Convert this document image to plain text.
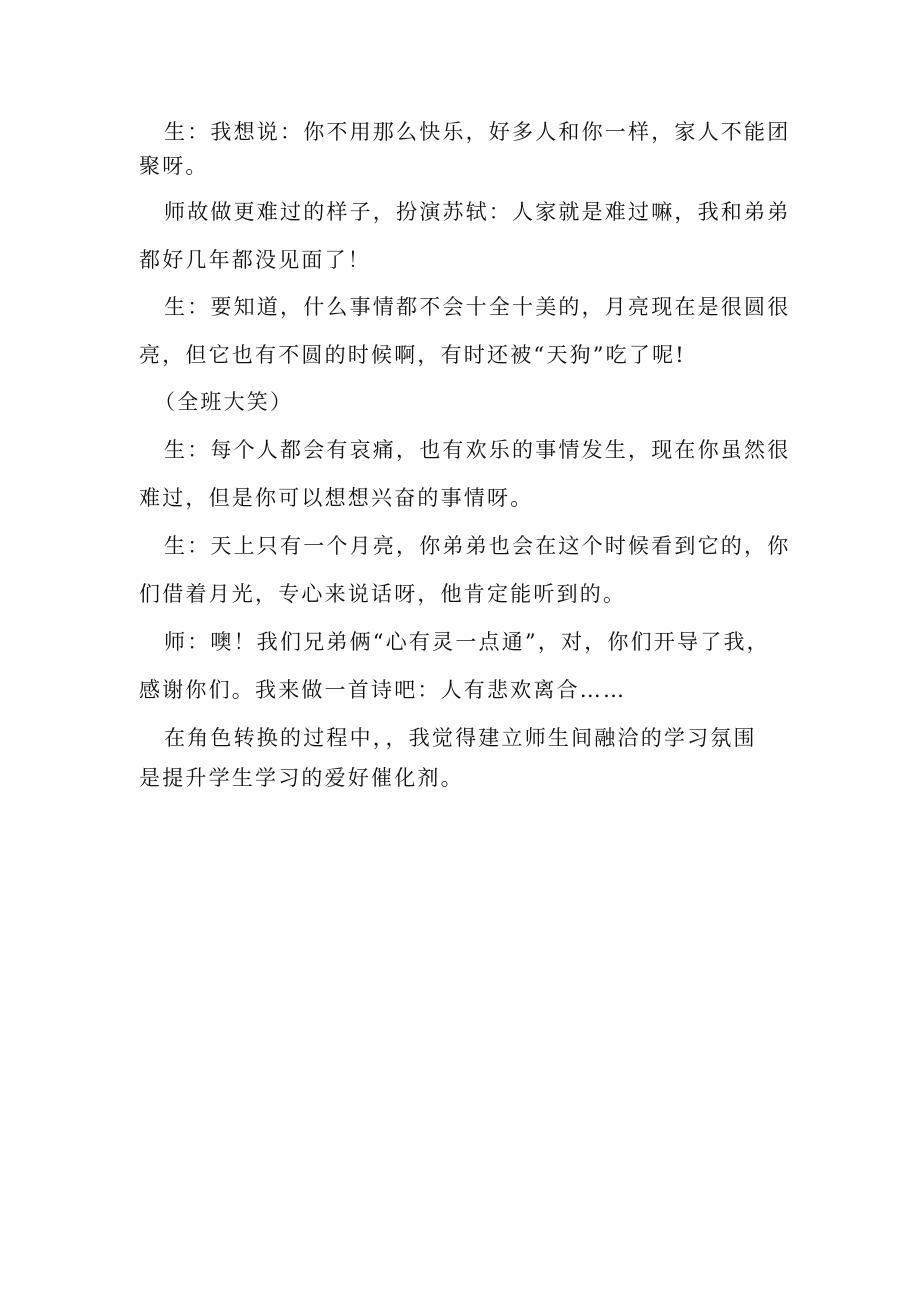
生：我想说：你不用那么快乐，好多人和你一样，家人不能团
聚呀。
师故做更难过的样子，扮演苏轼：人家就是难过嘛，我和弟弟
都好几年都没见面了！
生：要知道，什么事情都不会十全十美的，月亮现在是很圆很
亮，但它也有不圆的时候啊，有时还被“天狗”吃了呢!
（全班大笑）
生：每个人都会有哀痛，也有欢乐的事情发生，现在你虽然很
难过，但是你可以想想兴奋的事情呀。
生：天上只有一个月亮，你弟弟也会在这个时候看到它的，你
们借着月光，专心来说话呀，他肯定能听到的。
师：噢！我们兄弟俩“心有灵一点通”，对，你们开导了我，
感谢你们。我来做一首诗吧：人有悲欢离合……
在角色转换的过程中，，我觉得建立师生间融洽的学习氛围
是提升学生学习的爱好催化剂。
